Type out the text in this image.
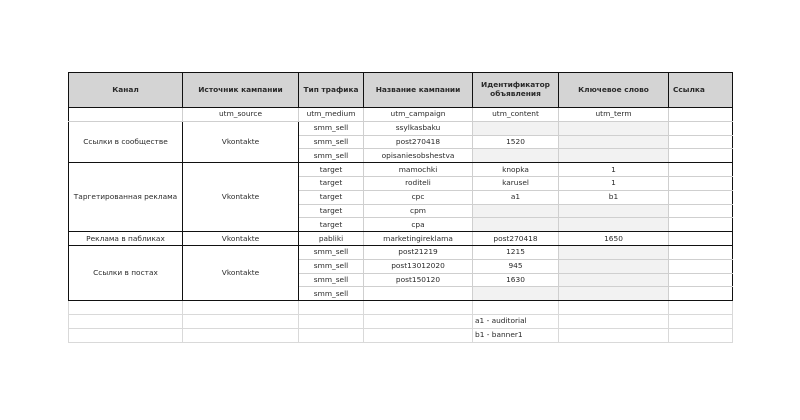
Канал	Источник кампании	Тип трафика	Название кампании	Идентификатор объявления	Ключевое слово	Ссылка
	utm_source	utm_medium	utm_campaign	utm_content	utm_term	
Ссылки в сообществе	Vkontakte	smm_sell	ssylkasbaku			
		smm_sell	post270418	1520		
		smm_sell	opisaniesobshestva			
Таргетированная реклама	Vkontakte	target	mamochki	knopka	1	
		target	roditeli	karusel	1	
		target	cpc	a1	b1	
		target	cpm			
		target	cpa			
Реклама в пабликах	Vkontakte	pabliki	marketingireklama	post270418	1650	
Ссылки в постах	Vkontakte	smm_sell	post21219	1215		
		smm_sell	post13012020	945		
		smm_sell	post150120	1630		
		smm_sell				

				a1 - auditorial		
				b1 - banner1		
